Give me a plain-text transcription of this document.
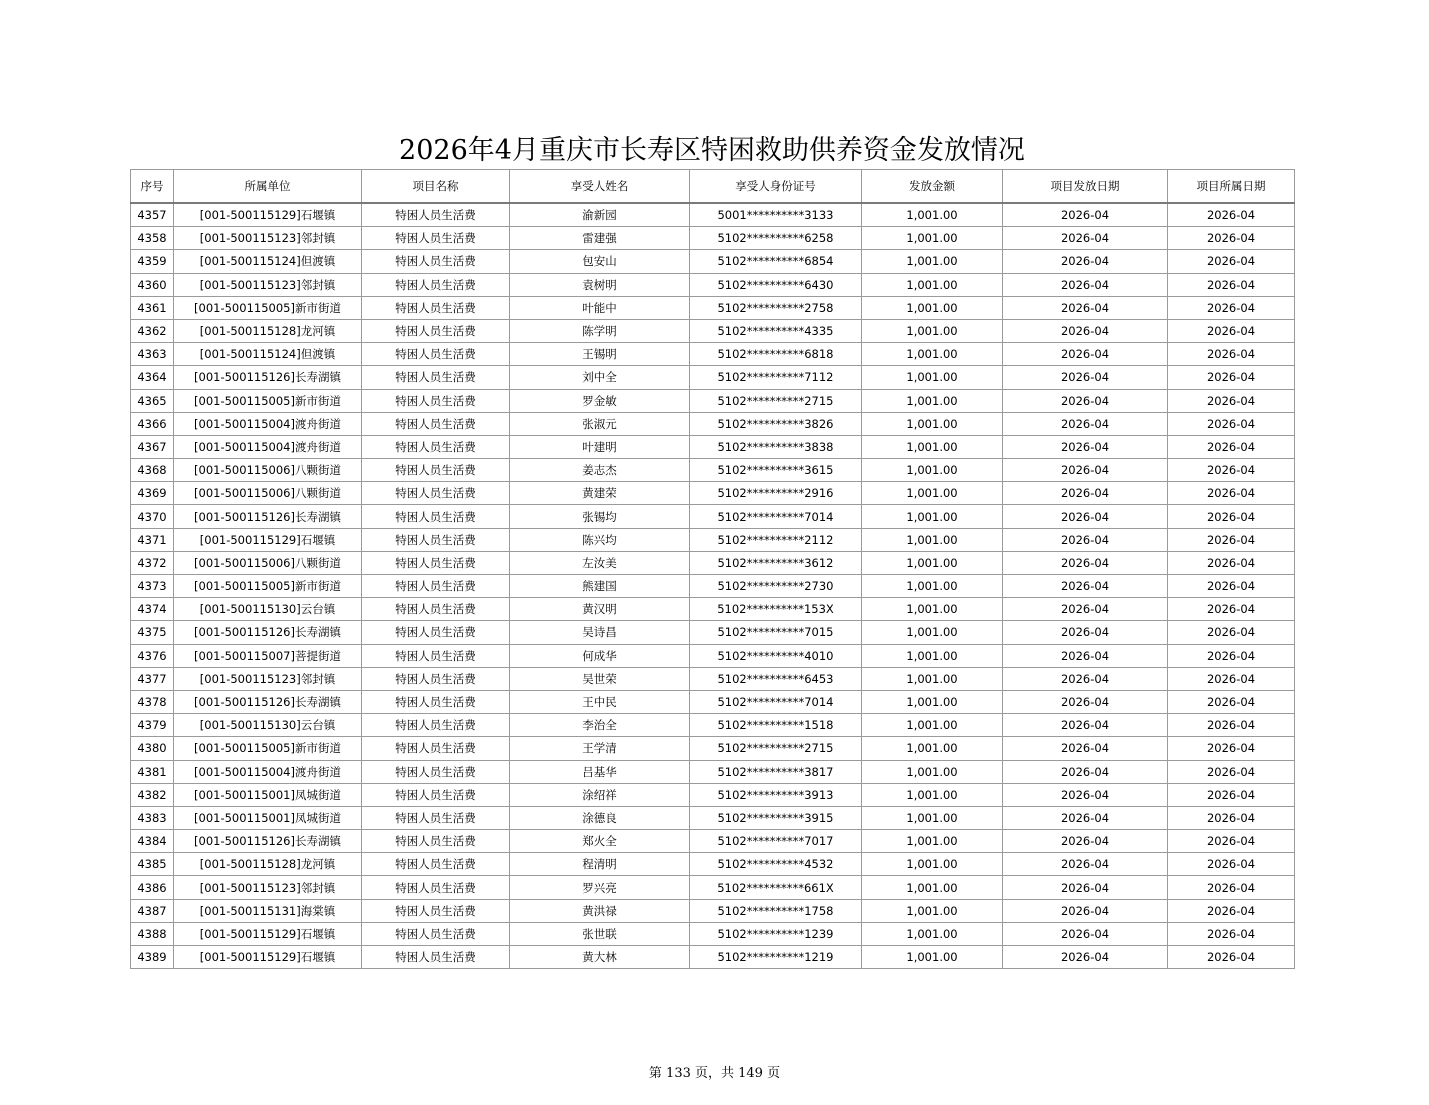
2026年4月重庆市长寿区特困救助供养资金发放情况
序号	所属单位	项目名称	享受人姓名	享受人身份证号	发放金额	项目发放日期	项目所属日期
4357	[001-500115129]石堰镇	特困人员生活费	渝新园	5001**********3133	1,001.00	2026-04	2026-04
4358	[001-500115123]邻封镇	特困人员生活费	雷建强	5102**********6258	1,001.00	2026-04	2026-04
4359	[001-500115124]但渡镇	特困人员生活费	包安山	5102**********6854	1,001.00	2026-04	2026-04
4360	[001-500115123]邻封镇	特困人员生活费	袁树明	5102**********6430	1,001.00	2026-04	2026-04
4361	[001-500115005]新市街道	特困人员生活费	叶能中	5102**********2758	1,001.00	2026-04	2026-04
4362	[001-500115128]龙河镇	特困人员生活费	陈学明	5102**********4335	1,001.00	2026-04	2026-04
4363	[001-500115124]但渡镇	特困人员生活费	王锡明	5102**********6818	1,001.00	2026-04	2026-04
4364	[001-500115126]长寿湖镇	特困人员生活费	刘中全	5102**********7112	1,001.00	2026-04	2026-04
4365	[001-500115005]新市街道	特困人员生活费	罗金敏	5102**********2715	1,001.00	2026-04	2026-04
4366	[001-500115004]渡舟街道	特困人员生活费	张淑元	5102**********3826	1,001.00	2026-04	2026-04
4367	[001-500115004]渡舟街道	特困人员生活费	叶建明	5102**********3838	1,001.00	2026-04	2026-04
4368	[001-500115006]八颗街道	特困人员生活费	姜志杰	5102**********3615	1,001.00	2026-04	2026-04
4369	[001-500115006]八颗街道	特困人员生活费	黄建荣	5102**********2916	1,001.00	2026-04	2026-04
4370	[001-500115126]长寿湖镇	特困人员生活费	张锡均	5102**********7014	1,001.00	2026-04	2026-04
4371	[001-500115129]石堰镇	特困人员生活费	陈兴均	5102**********2112	1,001.00	2026-04	2026-04
4372	[001-500115006]八颗街道	特困人员生活费	左汝美	5102**********3612	1,001.00	2026-04	2026-04
4373	[001-500115005]新市街道	特困人员生活费	熊建国	5102**********2730	1,001.00	2026-04	2026-04
4374	[001-500115130]云台镇	特困人员生活费	黄汉明	5102**********153X	1,001.00	2026-04	2026-04
4375	[001-500115126]长寿湖镇	特困人员生活费	吴诗昌	5102**********7015	1,001.00	2026-04	2026-04
4376	[001-500115007]菩提街道	特困人员生活费	何成华	5102**********4010	1,001.00	2026-04	2026-04
4377	[001-500115123]邻封镇	特困人员生活费	吴世荣	5102**********6453	1,001.00	2026-04	2026-04
4378	[001-500115126]长寿湖镇	特困人员生活费	王中民	5102**********7014	1,001.00	2026-04	2026-04
4379	[001-500115130]云台镇	特困人员生活费	李治全	5102**********1518	1,001.00	2026-04	2026-04
4380	[001-500115005]新市街道	特困人员生活费	王学清	5102**********2715	1,001.00	2026-04	2026-04
4381	[001-500115004]渡舟街道	特困人员生活费	吕基华	5102**********3817	1,001.00	2026-04	2026-04
4382	[001-500115001]凤城街道	特困人员生活费	涂绍祥	5102**********3913	1,001.00	2026-04	2026-04
4383	[001-500115001]凤城街道	特困人员生活费	涂德良	5102**********3915	1,001.00	2026-04	2026-04
4384	[001-500115126]长寿湖镇	特困人员生活费	郑火全	5102**********7017	1,001.00	2026-04	2026-04
4385	[001-500115128]龙河镇	特困人员生活费	程清明	5102**********4532	1,001.00	2026-04	2026-04
4386	[001-500115123]邻封镇	特困人员生活费	罗兴亮	5102**********661X	1,001.00	2026-04	2026-04
4387	[001-500115131]海棠镇	特困人员生活费	黄洪禄	5102**********1758	1,001.00	2026-04	2026-04
4388	[001-500115129]石堰镇	特困人员生活费	张世联	5102**********1239	1,001.00	2026-04	2026-04
4389	[001-500115129]石堰镇	特困人员生活费	黄大林	5102**********1219	1,001.00	2026-04	2026-04
第 133 页，共 149 页
